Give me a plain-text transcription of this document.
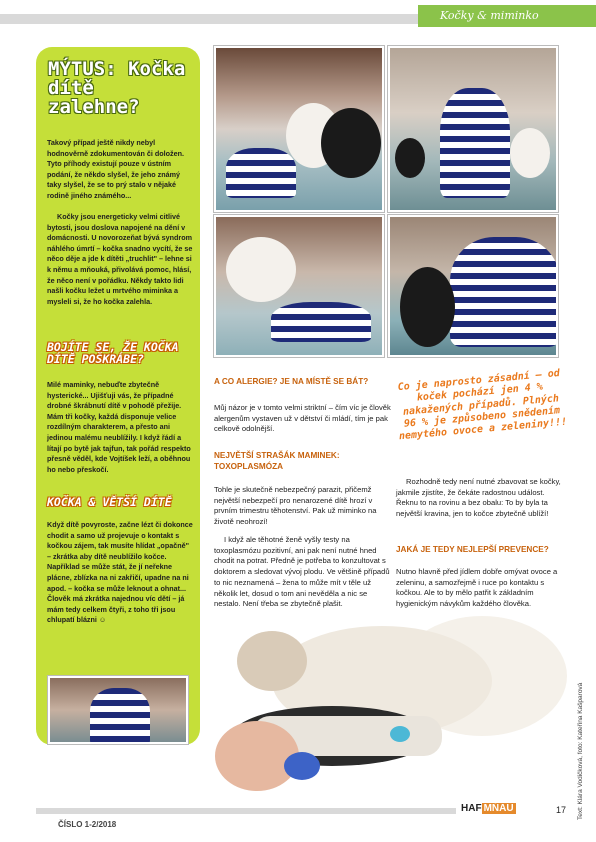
Kočky & miminko
MÝTUS: Kočka dítě zalehne?
Takový případ ještě nikdy nebyl hodnověrně zdokumentován či doložen. Tyto příhody existují pouze v ústním podání, že někdo slyšel, že jeho známý taky slyšel, že se to prý stalo v nějaké rodině jiného známého...
Kočky jsou energeticky velmi citlivé bytosti, jsou doslova napojené na dění v domácnosti. U novorozeňat bývá syndrom náhlého úmrtí – kočka snadno vycítí, že se něco děje a jde k dítěti „truchlit" – lehne si k němu a mňouká, přivolává pomoc, hlásí, že něco není v pořádku. Někdy takto lidi našli kočku ležet u mrtvého miminka a mysleli si, že ho kočka zalehla.
BOJÍTE SE, ŽE KOČKA DÍTĚ POŠKRÁBE?
Milé maminky, nebuďte zbytečně hysterické... Ujišťuji vás, že případné drobné škrábnutí dítě v pohodě přežije. Mám tři kočky, každá disponuje velice rozdílným charakterem, a přesto ani jedinou malému neublížily. I když řádí a lítají po bytě jak tajfun, tak pořád respekto přesně věděl, kde Vojtíšek leží, a oběhnou ho nebo přeskočí.
KOČKA & VĚTŠÍ DÍTĚ
Když dítě povyroste, začne lézt či dokonce chodit a samo už projevuje o kontakt s kočkou zájem, tak musíte hlídat „opačně" – zkrátka aby dítě neublížilo kočce. Například se může stát, že jí neřekne plácne, zblízka na ni zakřičí, upadne na ni apod. – kočka se může leknout a ohnat... Člověk má zkrátka najednou víc dětí – já mám tedy celkem čtyři, z toho tři jsou chlupatí blázni ☺
A CO ALERGIE? JE NA MÍSTĚ SE BÁT?
Můj názor je v tomto velmi striktní – čím víc je člověk alergenům vystaven už v dětství či mládí, tím je pak celkově odolnější.
NEJVĚTŠÍ STRAŠÁK MAMINEK: TOXOPLASMÓZA
Tohle je skutečně nebezpečný parazit, přičemž největší nebezpečí pro nenarozené dítě hrozí v prvním trimestru těhotenství. Pak už miminko na životě neohrozí!
I když ale těhotné ženě vyšly testy na toxoplasmózu pozitivní, ani pak není nutné hned chodit na potrat. Předně je potřeba to konzultovat s doktorem a sledovat vývoj plodu. Ve většině případů to nic neznamená – žena to může mít v těle už několik let, dosud o tom ani nevěděla a nic se nestalo. Není třeba se zbytečně plašit.
Co je naprosto zásadní – od koček pochází jen 4 % nakažených případů. Plných 96 % je způsobeno snědením nemytého ovoce a zeleniny!!!
Rozhodně tedy není nutné zbavovat se kočky, jakmile zjistíte, že čekáte radostnou událost. Řeknu to na rovinu a bez obalu: To by byla ta největší kravina, jen to kočce zbytečně ublíží!
JAKÁ JE TEDY NEJLEPŠÍ PREVENCE?
Nutno hlavně před jídlem dobře omývat ovoce a zeleninu, a samozřejmě i ruce po kontaktu s kočkou. Ale to by mělo patřit k základním hygienickým návykům každého člověka.
Text: Klára Vodičková, foto: Kateřina Kašparová
ČÍSLO 1-2/2018
HAF MŇAU	17
